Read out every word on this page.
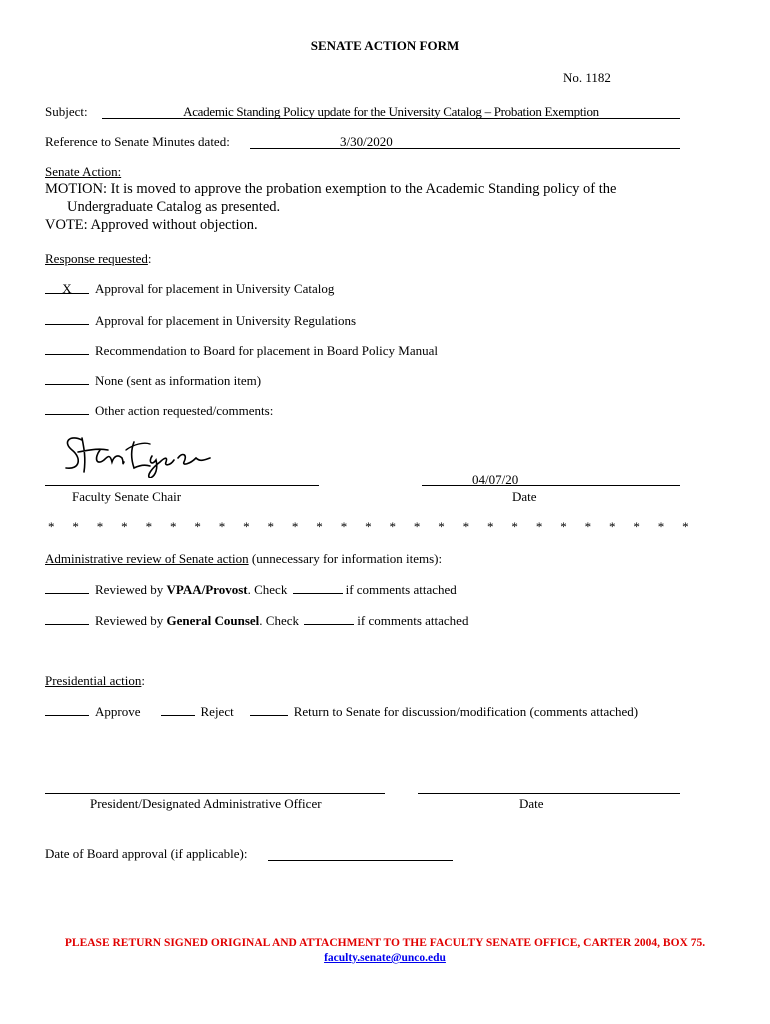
SENATE ACTION FORM
No. 1182
Subject:	Academic Standing Policy update for the University Catalog – Probation Exemption
Reference to Senate Minutes dated:	3/30/2020
Senate Action:
MOTION: It is moved to approve the probation exemption to the Academic Standing policy of the
Undergraduate Catalog as presented.
VOTE: Approved without objection.
Response requested:
X Approval for placement in University Catalog
Approval for placement in University Regulations
Recommendation to Board for placement in Board Policy Manual
None (sent as information item)
Other action requested/comments:
Faculty Senate Chair
04/07/20
Date
* * * * * * * * * * * * * * * * * * * * * * * * * * *
Administrative review of Senate action (unnecessary for information items):
Reviewed by VPAA/Provost. Check	if comments attached
Reviewed by General Counsel. Check	if comments attached
Presidential action:
Approve	Reject	Return to Senate for discussion/modification (comments attached)
President/Designated Administrative Officer	Date
Date of Board approval (if applicable):
PLEASE RETURN SIGNED ORIGINAL AND ATTACHMENT TO THE FACULTY SENATE OFFICE, CARTER 2004, BOX 75.
faculty.senate@unco.edu
